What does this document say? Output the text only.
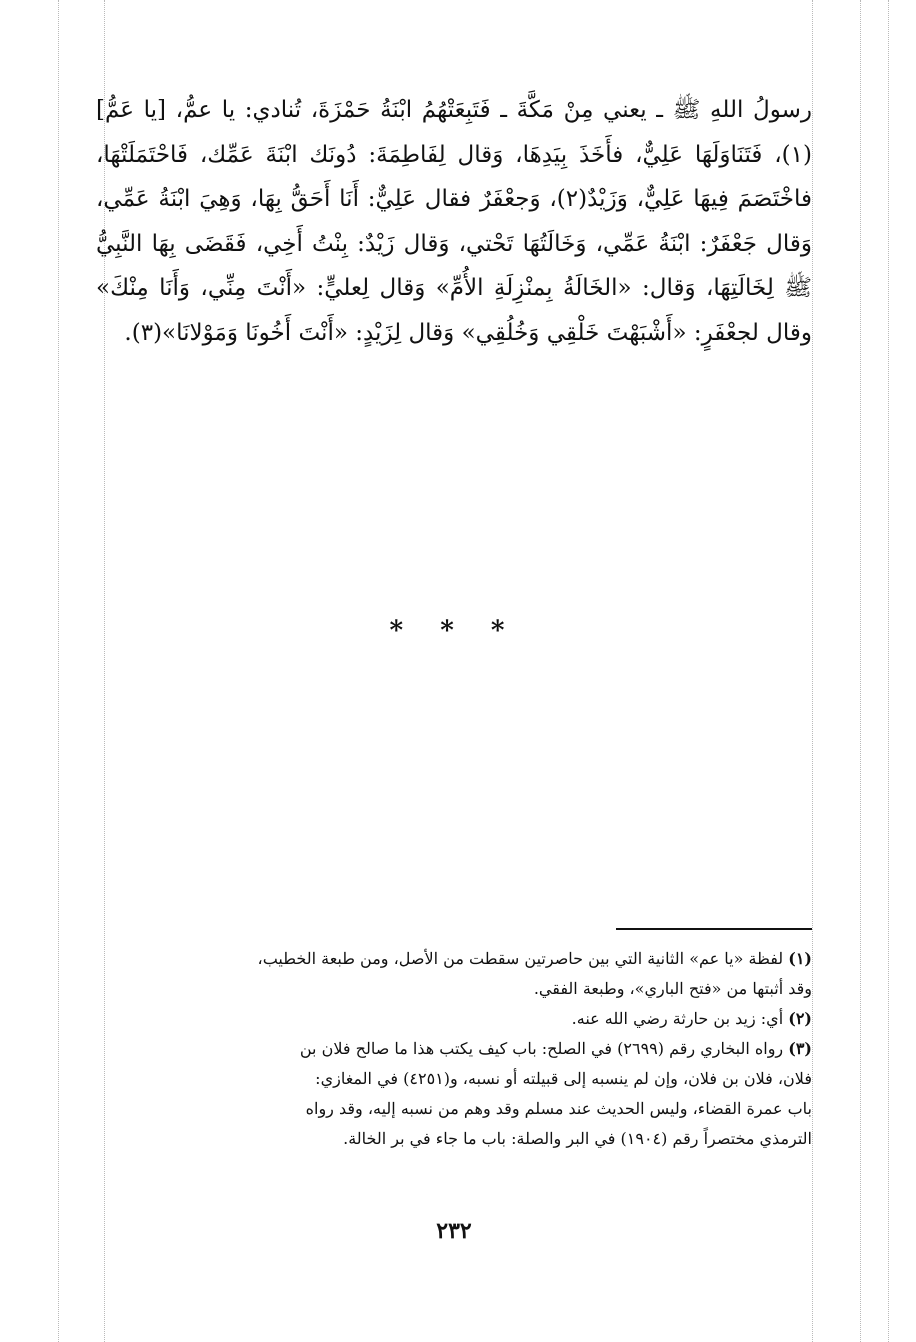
رسولُ اللهِ ﷺ ـ يعني مِنْ مَكَّةَ ـ فَتَبِعَتْهُمُ ابْنَةُ حَمْزَةَ، تُنادي: يا عمُّ، [يا عَمُّ](١)، فَتَنَاوَلَهَا عَلِيٌّ، فأَخَذَ بِيَدِهَا، وَقال لِفَاطِمَةَ: دُونَك ابْنَةَ عَمِّك، فَاحْتَمَلَتْهَا، فاخْتَصَمَ فِيهَا عَلِيٌّ، وَزَيْدٌ(٢)، وَجعْفَرٌ فقال عَلِيٌّ: أَنَا أَحَقُّ بِهَا، وَهِيَ ابْنَةُ عَمِّي، وَقال جَعْفَرٌ: ابْنَةُ عَمِّي، وَخَالَتُهَا تَحْتي، وَقال زَيْدٌ: بِنْتُ أَخِي، فَقَضَى بِهَا النَّبِيُّ ﷺ لِخَالَتِهَا، وَقال: «الخَالَةُ بِمنْزِلَةِ الأُمِّ» وَقال لِعليٍّ: «أَنْتَ مِنِّي، وَأَنَا مِنْكَ» وقال لجعْفَرٍ: «أَشْبَهْتَ خَلْقِي وَخُلُقِي» وَقال لِزَيْدٍ: «أَنْتَ أَخُونَا وَمَوْلانَا»(٣).

* * *

(١) لفظة «يا عم» الثانية التي بين حاصرتين سقطت من الأصل، ومن طبعة الخطيب،

وقد أثبتها من «فتح الباري»، وطبعة الفقي.

(٢) أي: زيد بن حارثة رضي الله عنه.

(٣) رواه البخاري رقم (٢٦٩٩) في الصلح: باب كيف يكتب هذا ما صالح فلان بن

فلان، فلان بن فلان، وإن لم ينسبه إلى قبيلته أو نسبه، و(٤٢٥١) في المغازي:

باب عمرة القضاء، وليس الحديث عند مسلم وقد وهم من نسبه إليه، وقد رواه

الترمذي مختصراً رقم (١٩٠٤) في البر والصلة: باب ما جاء في بر الخالة.

٢٣٢
